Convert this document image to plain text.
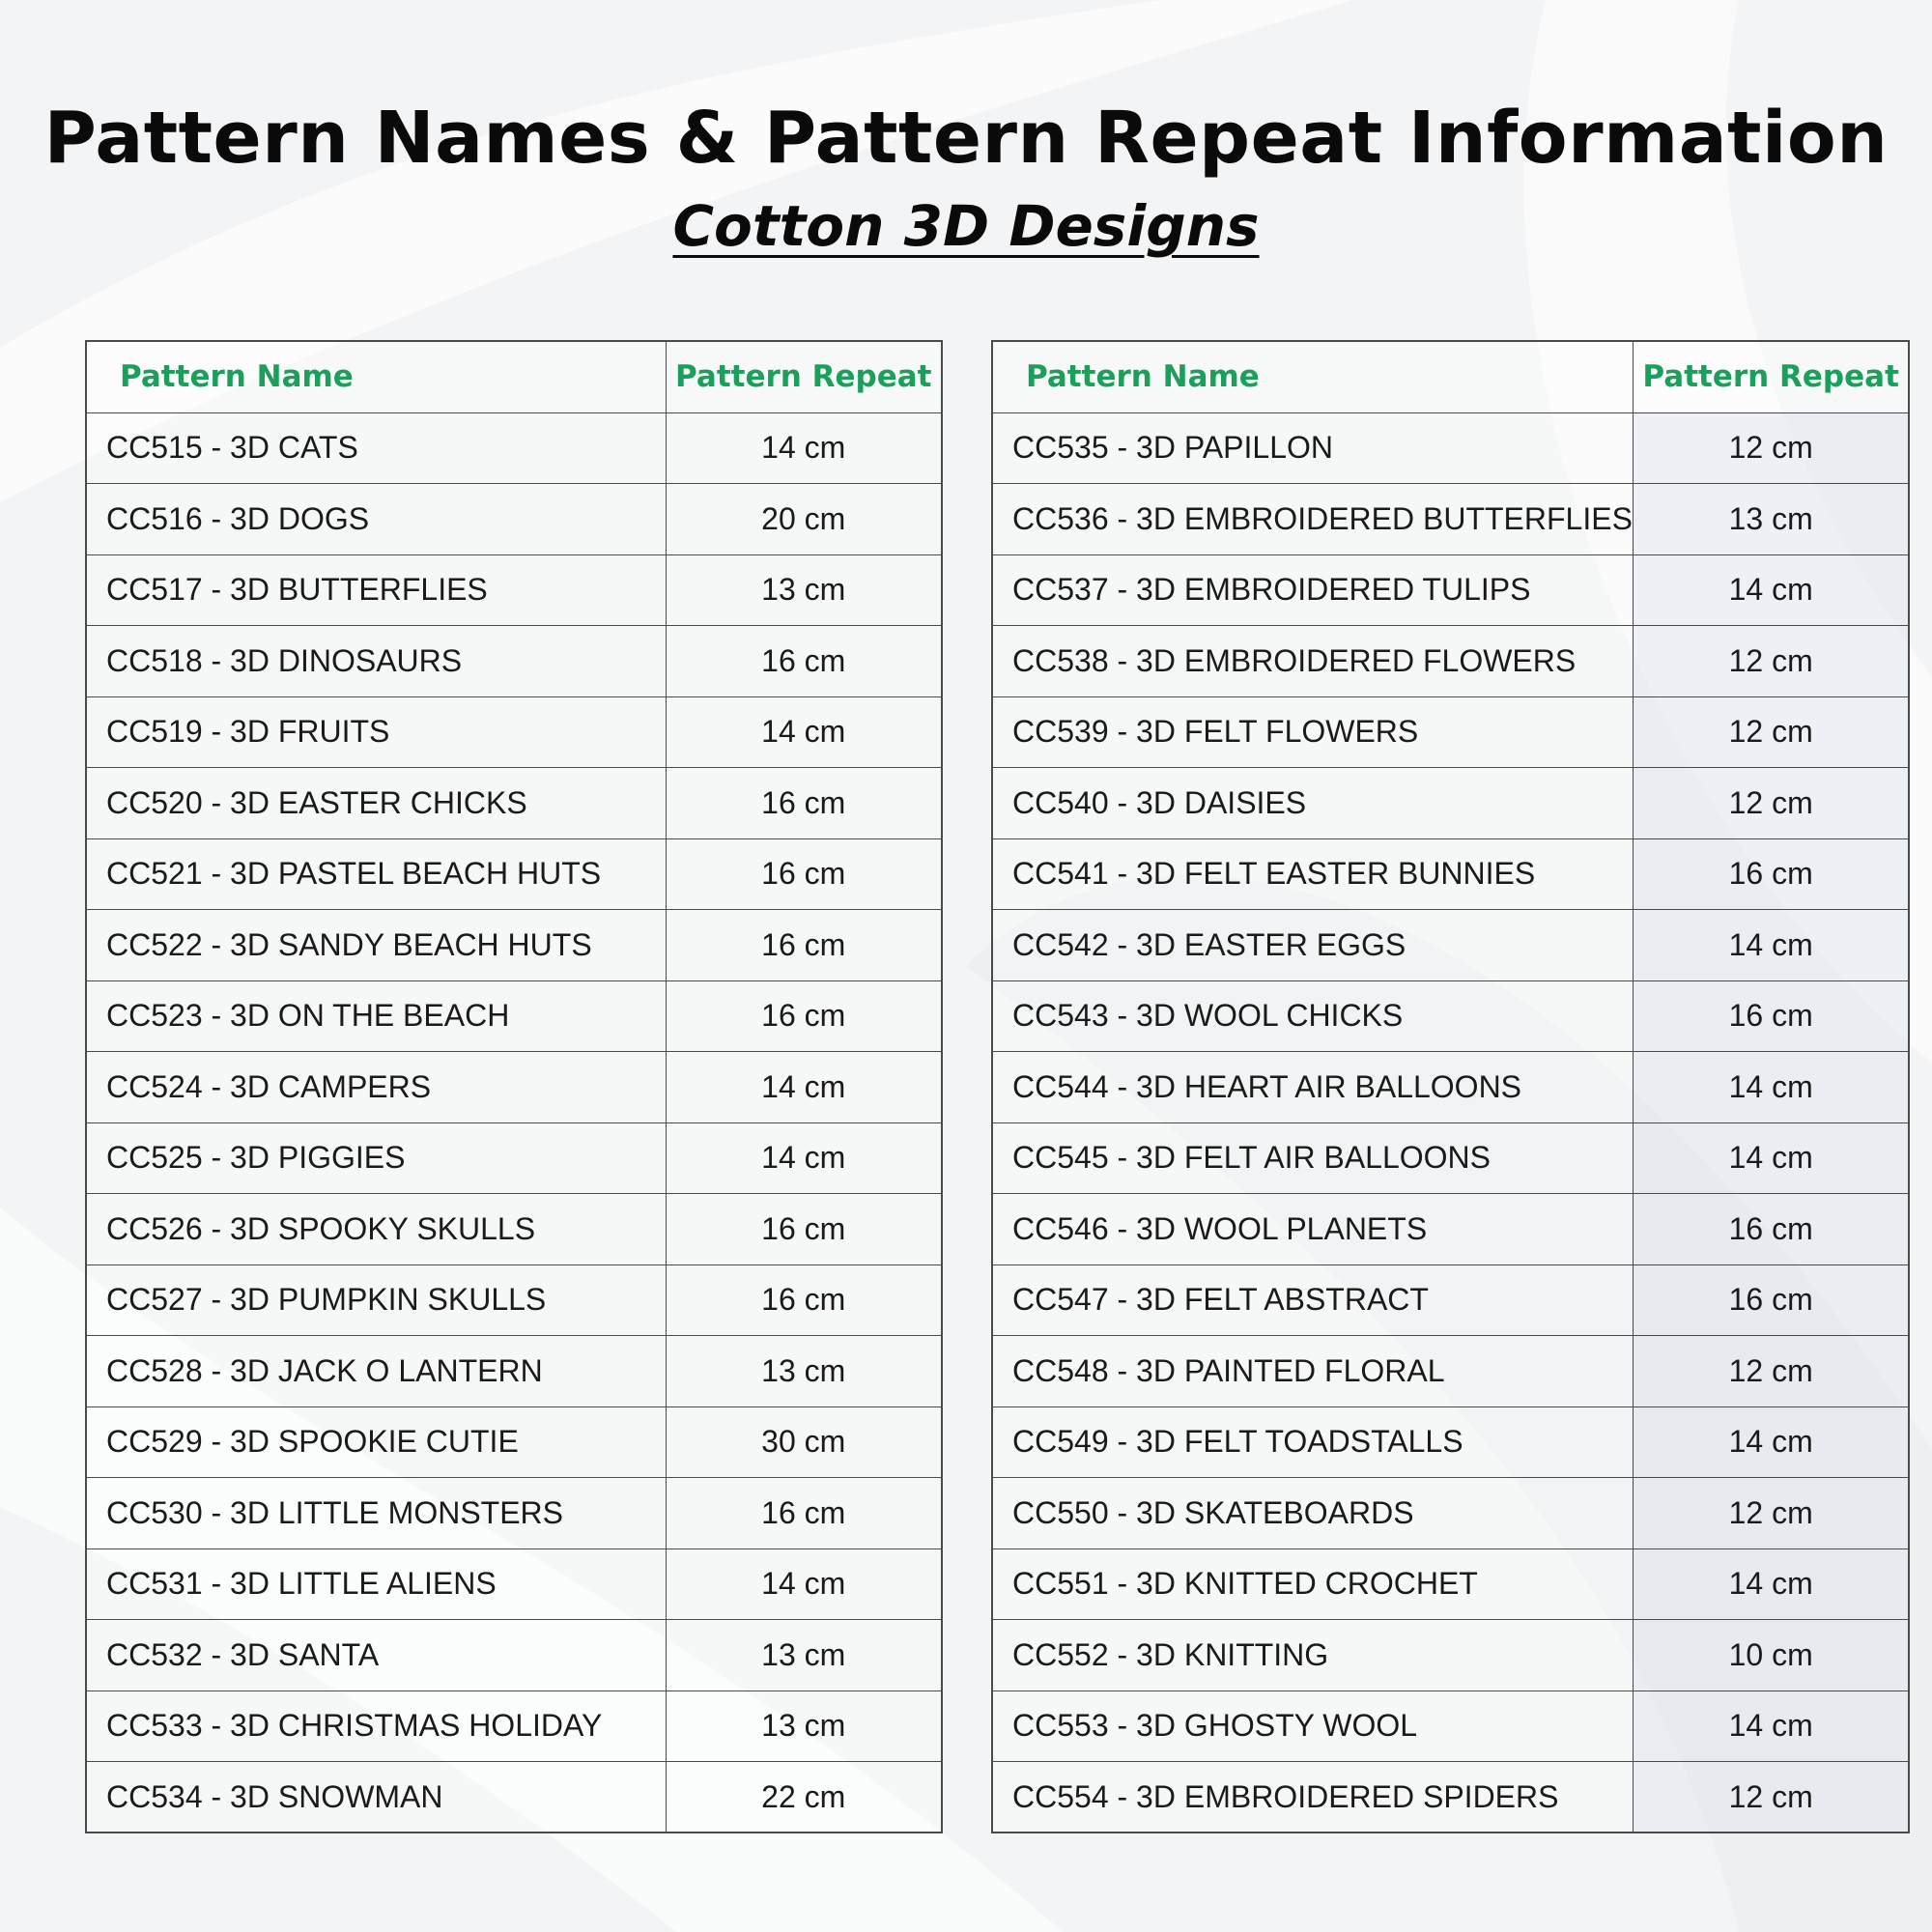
Pattern Names & Pattern Repeat Information
Cotton 3D Designs
Pattern Name	Pattern Repeat
CC515 - 3D CATS	14 cm
CC516 - 3D DOGS	20 cm
CC517 - 3D BUTTERFLIES	13 cm
CC518 - 3D DINOSAURS	16 cm
CC519 - 3D FRUITS	14 cm
CC520 - 3D EASTER CHICKS	16 cm
CC521 - 3D PASTEL BEACH HUTS	16 cm
CC522 - 3D SANDY BEACH HUTS	16 cm
CC523 - 3D ON THE BEACH	16 cm
CC524 - 3D CAMPERS	14 cm
CC525 - 3D PIGGIES	14 cm
CC526 - 3D SPOOKY SKULLS	16 cm
CC527 - 3D PUMPKIN SKULLS	16 cm
CC528 - 3D JACK O LANTERN	13 cm
CC529 - 3D SPOOKIE CUTIE	30 cm
CC530 - 3D LITTLE MONSTERS	16 cm
CC531 - 3D LITTLE ALIENS	14 cm
CC532 - 3D SANTA	13 cm
CC533 - 3D CHRISTMAS HOLIDAY	13 cm
CC534 - 3D SNOWMAN	22 cm
Pattern Name	Pattern Repeat
CC535 - 3D PAPILLON	12 cm
CC536 - 3D EMBROIDERED BUTTERFLIES	13 cm
CC537 - 3D EMBROIDERED TULIPS	14 cm
CC538 - 3D EMBROIDERED FLOWERS	12 cm
CC539 - 3D FELT FLOWERS	12 cm
CC540 - 3D DAISIES	12 cm
CC541 - 3D FELT EASTER BUNNIES	16 cm
CC542 - 3D EASTER EGGS	14 cm
CC543 - 3D WOOL CHICKS	16 cm
CC544 - 3D HEART AIR BALLOONS	14 cm
CC545 - 3D FELT AIR BALLOONS	14 cm
CC546 - 3D WOOL PLANETS	16 cm
CC547 - 3D FELT ABSTRACT	16 cm
CC548 - 3D PAINTED FLORAL	12 cm
CC549 - 3D FELT TOADSTALLS	14 cm
CC550 - 3D SKATEBOARDS	12 cm
CC551 - 3D KNITTED CROCHET	14 cm
CC552 - 3D KNITTING	10 cm
CC553 - 3D GHOSTY WOOL	14 cm
CC554 - 3D EMBROIDERED SPIDERS	12 cm
